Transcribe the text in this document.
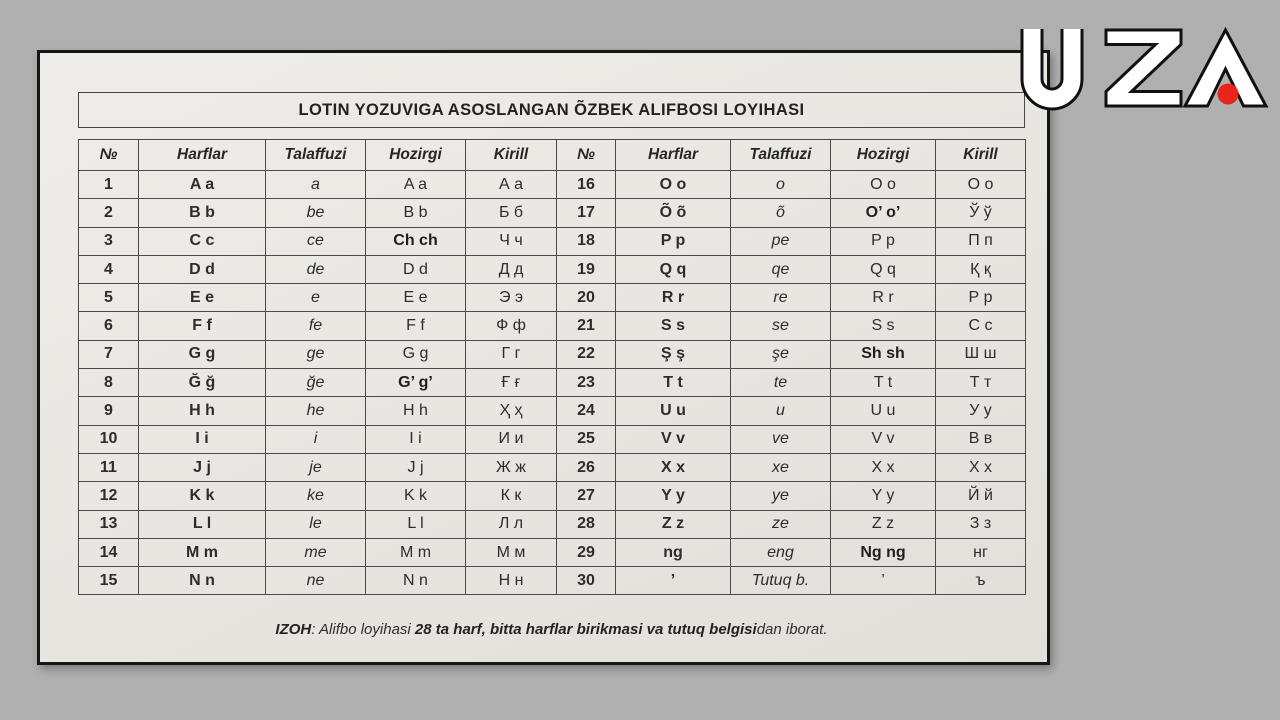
LOTIN YOZUVIGA ASOSLANGAN ÕZBEK ALIFBOSI LOYIHASI
№	Harflar	Talaffuzi	Hozirgi	Kirill	№	Harflar	Talaffuzi	Hozirgi	Kirill
1	A a	a	A a	А а	16	O o	o	O o	О о
2	B b	be	B b	Б б	17	Õ õ	õ	O’ o’	Ў ў
3	C c	ce	Ch ch	Ч ч	18	P p	pe	P p	П п
4	D d	de	D d	Д д	19	Q q	qe	Q q	Қ қ
5	E e	e	E e	Э э	20	R r	re	R r	Р р
6	F f	fe	F f	Ф ф	21	S s	se	S s	С с
7	G g	ge	G g	Г г	22	Ş ş	şe	Sh sh	Ш ш
8	Ğ ğ	ğe	G’ g’	Ғ ғ	23	T t	te	T t	Т т
9	H h	he	H h	Ҳ ҳ	24	U u	u	U u	У у
10	I i	i	I i	И и	25	V v	ve	V v	В в
11	J j	je	J j	Ж ж	26	X x	xe	X x	Х х
12	K k	ke	K k	К к	27	Y y	ye	Y y	Й й
13	L l	le	L l	Л л	28	Z z	ze	Z z	З з
14	M m	me	M m	М м	29	ng	eng	Ng ng	нг
15	N n	ne	N n	Н н	30	’	Tutuq b.	’	ъ
IZOH: Alifbo loyihasi 28 ta harf, bitta harflar birikmasi va tutuq belgisidan iborat.
